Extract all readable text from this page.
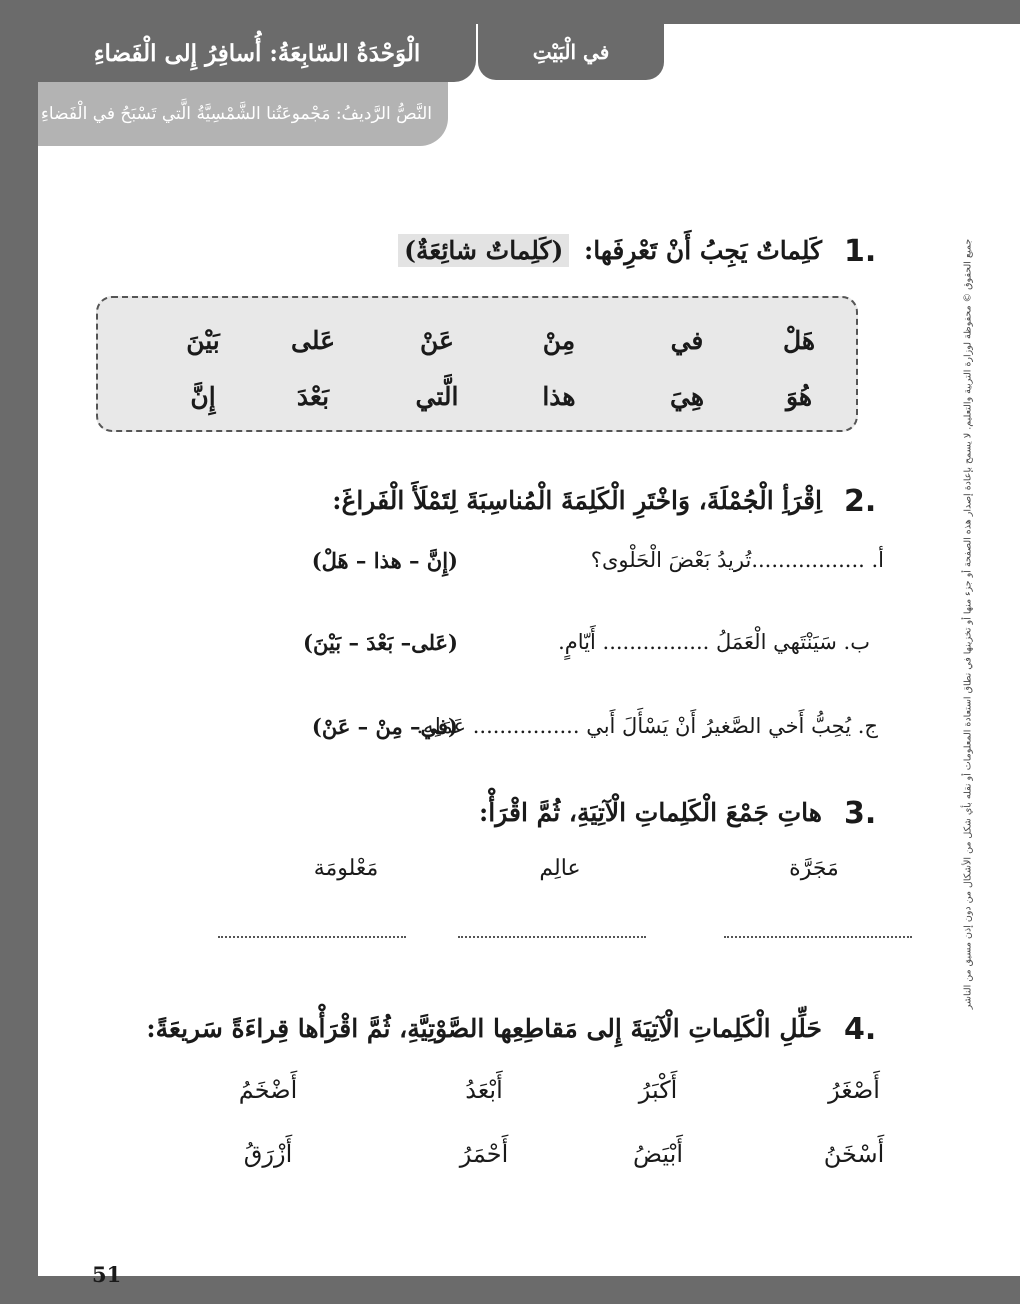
الْوَحْدَةُ السّابِعَةُ: أُسافِرُ إِلى الْفَضاءِ
النَّصُّ الرَّديفُ: مَجْموعَتُنا الشَّمْسِيَّةُ الَّتي تَسْبَحُ في الْفَضاءِ
في الْبَيْتِ
1.
كَلِماتٌ يَجِبُ أَنْ تَعْرِفَها: (كَلِماتٌ شائِعَةٌ)
هَلْ
في
مِنْ
عَنْ
عَلى
بَيْنَ
هُوَ
هِيَ
هذا
الَّتي
بَعْدَ
إِنَّ
2.
اِقْرَأِ الْجُمْلَةَ، وَاخْتَرِ الْكَلِمَةَ الْمُناسِبَةَ لِتَمْلَأَ الْفَراغَ:
أ. .................تُريدُ بَعْضَ الْحَلْوى؟
(إِنَّ – هذا – هَلْ)
ب. سَيَنْتَهي الْعَمَلُ ................ أَيّامٍ.
(عَلى– بَعْدَ – بَيْنَ)
ج. يُحِبُّ أَخي الصَّغيرُ أَنْ يَسْأَلَ أَبي ................ عَمَلِهِ.
(في– مِنْ – عَنْ)
3.
هاتِ جَمْعَ الْكَلِماتِ الْآتِيَةِ، ثُمَّ اقْرَأْ:
مَجَرَّة
عالِم
مَعْلومَة
4.
حَلِّلِ الْكَلِماتِ الْآتِيَةَ إِلى مَقاطِعِها الصَّوْتِيَّةِ، ثُمَّ اقْرَأْها قِراءَةً سَريعَةً:
أَصْغَرُ
أَكْبَرُ
أَبْعَدُ
أَضْخَمُ
أَسْخَنُ
أَبْيَضُ
أَحْمَرُ
أَزْرَقُ
جميع الحقوق © محفوظة لوزارة التربية والتعليم. لا يسمح بإعادة إصدار هذه الصفحة أو جزء منها أو تخزينها في نطاق استعادة المعلومات أو نقله بأي شكل من الأشكال من دون إذن مسبق من الناشر
51
